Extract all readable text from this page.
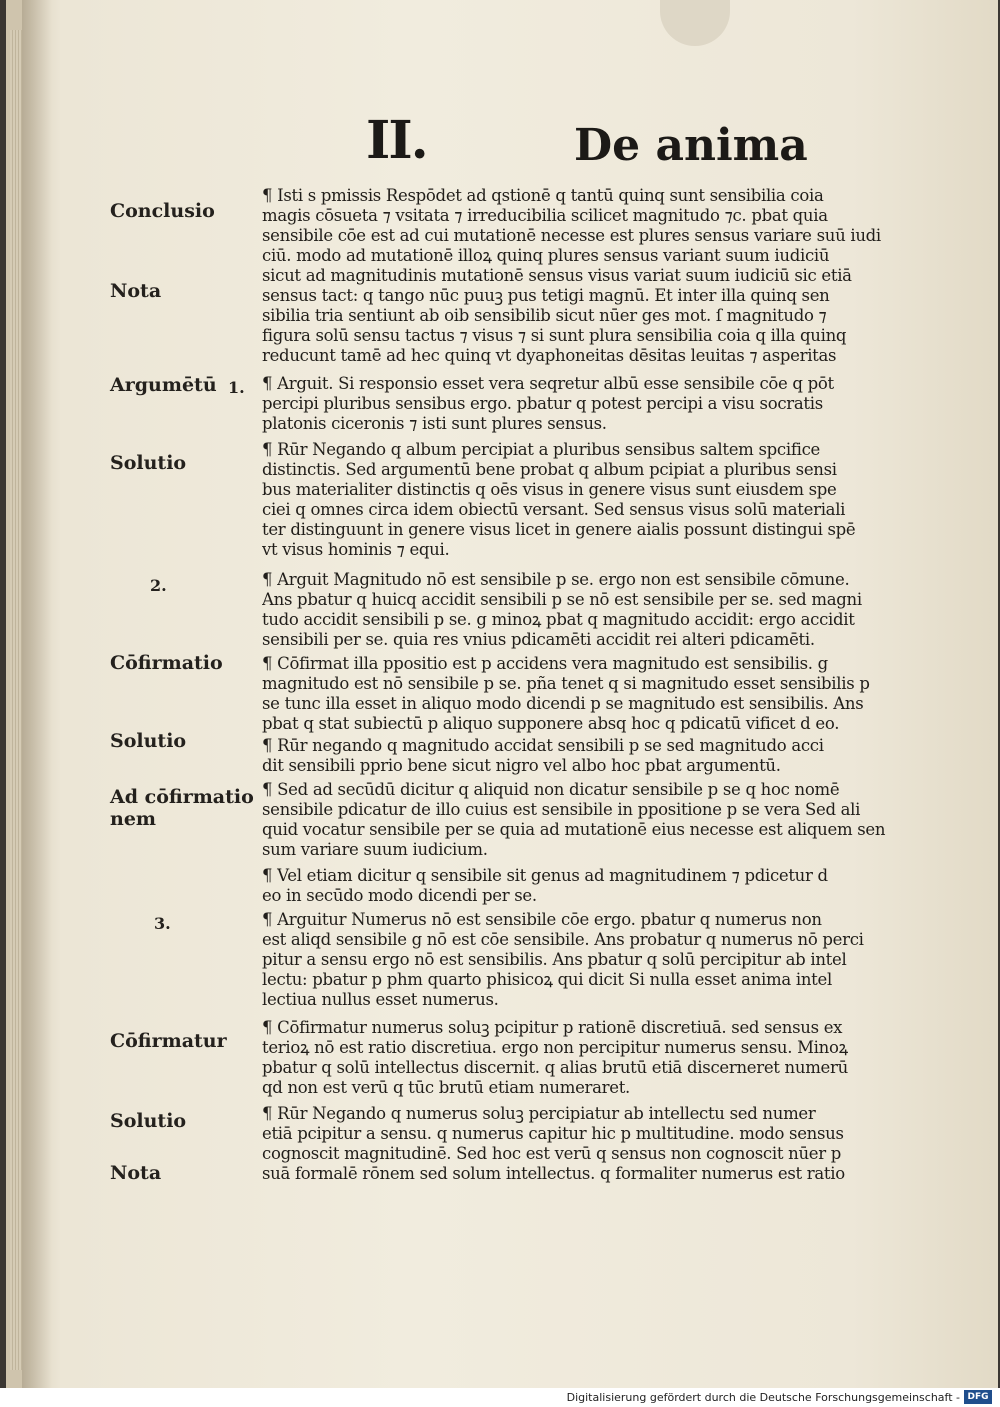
II.	De anima
Conclusio
Nota
Argumētū
Solutio
Cōfirmatio
Solutio
Ad cōfirmatio
nem
Cōfirmatur
Solutio
Nota
1.
2.
3.
¶ Isti s pmissis Respōdet ad qstionē q tantū quinq sunt sensibilia coia
magis cōsueta ⁊ vsitata ⁊ irreducibilia scilicet magnitudo ⁊c. pbat quia
sensibile cōe est ad cui mutationē necesse est plures sensus variare suū iudi
ciū. modo ad mutationē illoꝝ quinq plures sensus variant suum iudiciū
sicut ad magnitudinis mutationē sensus visus variat suum iudiciū sic etiā
sensus tact: q tango nūc puuꝫ pus tetigi magnū. Et inter illa quinq sen
sibilia tria sentiunt ab oib sensibilib sicut nūer ges mot. ſ magnitudo ⁊
figura solū sensu tactus ⁊ visus ⁊ si sunt plura sensibilia coia q illa quinq
reducunt tamē ad hec quinq vt dyaphoneitas dēsitas leuitas ⁊ asperitas
¶ Arguit. Si responsio esset vera seqretur albū esse sensibile cōe q pōt
percipi pluribus sensibus ergo. pbatur q potest percipi a visu socratis
platonis ciceronis ⁊ isti sunt plures sensus.
¶ Rūr Negando q album percipiat a pluribus sensibus saltem spcifice
distinctis. Sed argumentū bene probat q album pcipiat a pluribus sensi
bus materialiter distinctis q oēs visus in genere visus sunt eiusdem spe
ciei q omnes circa idem obiectū versant. Sed sensus visus solū materiali
ter distinguunt in genere visus licet in genere aialis possunt distingui spē
vt visus hominis ⁊ equi.
¶ Arguit Magnitudo nō est sensibile p se. ergo non est sensibile cōmune.
Ans pbatur q huicq accidit sensibili p se nō est sensibile per se. sed magni
tudo accidit sensibili p se. g minoꝝ pbat q magnitudo accidit: ergo accidit
sensibili per se. quia res vnius pdicamēti accidit rei alteri pdicamēti.
¶ Cōfirmat illa ppositio est p accidens vera magnitudo est sensibilis. g
magnitudo est nō sensibile p se. pña tenet q si magnitudo esset sensibilis p
se tunc illa esset in aliquo modo dicendi p se magnitudo est sensibilis. Ans
pbat q stat subiectū p aliquo supponere absq hoc q pdicatū vificet d eo.
¶ Rūr negando q magnitudo accidat sensibili p se sed magnitudo acci
dit sensibili pprio bene sicut nigro vel albo hoc pbat argumentū.
¶ Sed ad secūdū dicitur q aliquid non dicatur sensibile p se q hoc nomē
sensibile pdicatur de illo cuius est sensibile in ppositione p se vera Sed ali
quid vocatur sensibile per se quia ad mutationē eius necesse est aliquem sen
sum variare suum iudicium.
¶ Vel etiam dicitur q sensibile sit genus ad magnitudinem ⁊ pdicetur d
eo in secūdo modo dicendi per se.
¶ Arguitur Numerus nō est sensibile cōe ergo. pbatur q numerus non
est aliqd sensibile g nō est cōe sensibile. Ans probatur q numerus nō perci
pitur a sensu ergo nō est sensibilis. Ans pbatur q solū percipitur ab intel
lectu: pbatur p phm quarto phisicoꝝ qui dicit Si nulla esset anima intel
lectiua nullus esset numerus.
¶ Cōfirmatur numerus soluꝫ pcipitur p rationē discretiuā. sed sensus ex
terioꝝ nō est ratio discretiua. ergo non percipitur numerus sensu. Minoꝝ
pbatur q solū intellectus discernit. q alias brutū etiā discerneret numerū
qd non est verū q tūc brutū etiam numeraret.
¶ Rūr Negando q numerus soluꝫ percipiatur ab intellectu sed numer
etiā pcipitur a sensu. q numerus capitur hic p multitudine. modo sensus
cognoscit magnitudinē. Sed hoc est verū q sensus non cognoscit nūer p
suā formalē rōnem sed solum intellectus. q formaliter numerus est ratio
Digitalisierung gefördert durch die Deutsche Forschungsgemeinschaft - DFG
